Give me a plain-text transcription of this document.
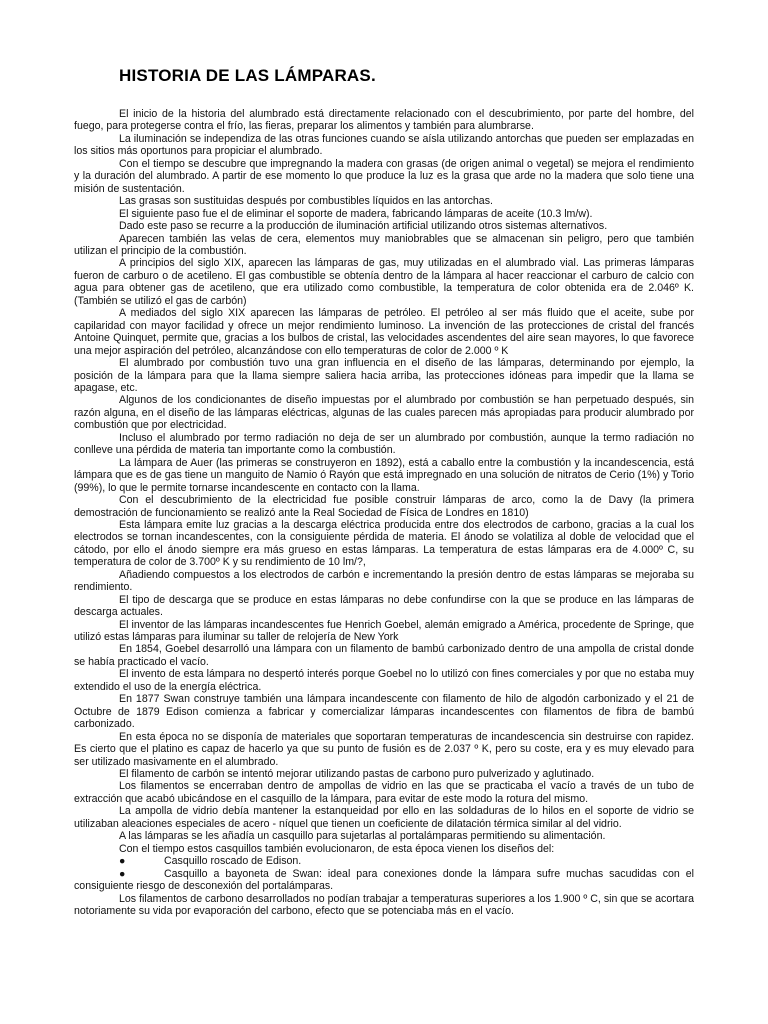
HISTORIA DE LAS LÁMPARAS.

El inicio de la historia del alumbrado está directamente relacionado con el descubrimiento, por parte del hombre, del fuego, para protegerse contra el frío, las fieras, preparar los alimentos y también para alumbrarse.

La iluminación se independiza de las otras funciones cuando se aísla utilizando antorchas que pueden ser emplazadas en los sitios más oportunos para propiciar el alumbrado.

Con el tiempo se descubre que impregnando la madera con grasas (de origen animal o vegetal) se mejora el rendimiento y la duración del alumbrado. A partir de ese momento lo que produce la luz es la grasa que arde no la madera que solo tiene una misión de sustentación.

Las grasas son sustituidas después por combustibles líquidos en las antorchas.

El siguiente paso fue el de eliminar el soporte de madera, fabricando lámparas de aceite (10.3 lm/w).

Dado este paso se recurre a la producción de iluminación artificial utilizando otros sistemas alternativos.

Aparecen también las velas de cera, elementos muy maniobrables que se almacenan sin peligro, pero que también utilizan el principio de la combustión.

A principios del siglo XIX, aparecen las lámparas de gas, muy utilizadas en el alumbrado vial. Las primeras lámparas fueron de carburo o de acetileno. El gas combustible se obtenía dentro de la lámpara al hacer reaccionar el carburo de calcio con agua para obtener gas de acetileno, que era utilizado como combustible, la temperatura de color obtenida era de 2.046º K. (También se utilizó el gas de carbón)

A mediados del siglo XIX aparecen las lámparas de petróleo. El petróleo al ser más fluido que el aceite, sube por capilaridad con mayor facilidad y ofrece un mejor rendimiento luminoso. La invención de las protecciones de cristal del francés Antoine Quinquet, permite que, gracias a los bulbos de cristal, las velocidades ascendentes del aire sean mayores, lo que favorece una mejor aspiración del petróleo, alcanzándose con ello temperaturas de color de 2.000 º K

El alumbrado por combustión tuvo una gran influencia en el diseño de las lámparas, determinando por ejemplo, la posición de la lámpara para que la llama siempre saliera hacia arriba, las protecciones idóneas para impedir que la llama se apagase, etc.

Algunos de los condicionantes de diseño impuestas por el alumbrado por combustión se han perpetuado después, sin razón alguna, en el diseño de las lámparas eléctricas, algunas de las cuales parecen más apropiadas para producir alumbrado por combustión que por electricidad.

Incluso el alumbrado por termo radiación no deja de ser un alumbrado por combustión, aunque la termo radiación no conlleve una pérdida de materia tan importante como la combustión.

La lámpara de Auer (las primeras se construyeron en 1892), está a caballo entre la combustión y la incandescencia, está lámpara que es de gas tiene un manguito de Namio ó Rayón que está impregnado en una solución de nitratos de Cerio (1%) y Torio (99%), lo que le permite tornarse incandescente en contacto con la llama.

Con el descubrimiento de la electricidad fue posible construir lámparas de arco, como la de Davy (la primera demostración de funcionamiento se realizó ante la Real Sociedad de Física de Londres en 1810)

Esta lámpara emite luz gracias a la descarga eléctrica producida entre dos electrodos de carbono, gracias a la cual los electrodos se tornan incandescentes, con la consiguiente pérdida de materia. El ánodo se volatiliza al doble de velocidad que el cátodo, por ello el ánodo siempre era más grueso en estas lámparas. La temperatura de estas lámparas era de 4.000º C, su temperatura de color de 3.700º K y su rendimiento de 10 lm/?,

Añadiendo compuestos a los electrodos de carbón e incrementando la presión dentro de estas lámparas se mejoraba su rendimiento.

El tipo de descarga que se produce en estas lámparas no debe confundirse con la que se produce en las lámparas de descarga actuales.

El inventor de las lámparas incandescentes fue Henrich Goebel, alemán emigrado a América, procedente de Springe, que utilizó estas lámparas para iluminar su taller de relojería de New York

En 1854, Goebel desarrolló una lámpara con un filamento de bambú carbonizado dentro de una ampolla de cristal donde se había practicado el vacío.

El invento de esta lámpara no despertó interés porque Goebel no lo utilizó con fines comerciales y por que no estaba muy extendido el uso de la energía eléctrica.

En 1877 Swan construye también una lámpara incandescente con filamento de hilo de algodón carbonizado y el 21 de Octubre de 1879 Edison comienza a fabricar y comercializar lámparas incandescentes con filamentos de fibra de bambú carbonizado.

En esta época no se disponía de materiales que soportaran temperaturas de incandescencia sin destruirse con rapidez. Es cierto que el platino es capaz de hacerlo ya que su punto de fusión es de 2.037 º K, pero su coste, era y es muy elevado para ser utilizado masivamente en el alumbrado.

El filamento de carbón se intentó mejorar utilizando pastas de carbono puro pulverizado y aglutinado.

Los filamentos se encerraban dentro de ampollas de vidrio en las que se practicaba el vacío a través de un tubo de extracción que acabó ubicándose en el casquillo de la lámpara, para evitar de este modo la rotura del mismo.

La ampolla de vidrio debía mantener la estanqueidad por ello en las soldaduras de lo hilos en el soporte de vidrio se utilizaban aleaciones especiales de acero - níquel que tienen un coeficiente de dilatación térmica similar al del vidrio.

A las lámparas se les añadía un casquillo para sujetarlas al portalámparas permitiendo su alimentación.

Con el tiempo estos casquillos también evolucionaron, de esta época vienen los diseños del:

●	Casquillo roscado de Edison.

●	Casquillo a bayoneta de Swan: ideal para conexiones donde la lámpara sufre muchas sacudidas con el consiguiente riesgo de desconexión del portalámparas.

Los filamentos de carbono desarrollados no podían trabajar a temperaturas superiores a los 1.900 º C, sin que se acortara notoriamente su vida por evaporación del carbono, efecto que se potenciaba más en el vacío.
